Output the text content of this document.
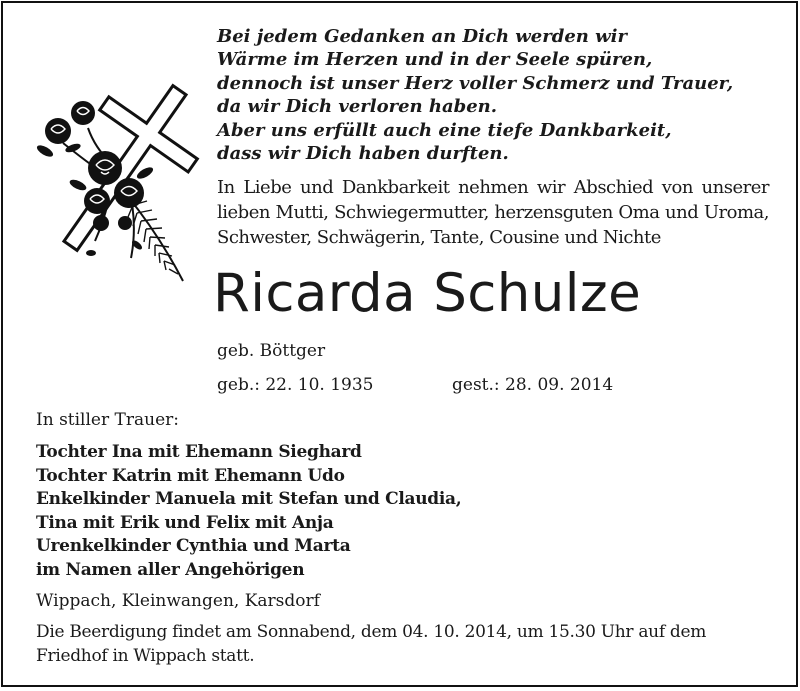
Bei jedem Gedanken an Dich werden wir
Wärme im Herzen und in der Seele spüren,
dennoch ist unser Herz voller Schmerz und Trauer,
da wir Dich verloren haben.
Aber uns erfüllt auch eine tiefe Dankbarkeit,
dass wir Dich haben durften.

In Liebe und Dankbarkeit nehmen wir Abschied von unserer lieben Mutti, Schwiegermutter, herzensguten Oma und Uroma, Schwester, Schwägerin, Tante, Cousine und Nichte

Ricarda Schulze
geb. Böttger
geb.: 22. 10. 1935	gest.: 28. 09. 2014
In stiller Trauer:
Tochter Ina mit Ehemann Sieghard
Tochter Katrin mit Ehemann Udo
Enkelkinder Manuela mit Stefan und Claudia,
Tina mit Erik und Felix mit Anja
Urenkelkinder Cynthia und Marta
im Namen aller Angehörigen
Wippach, Kleinwangen, Karsdorf

Die Beerdigung findet am Sonnabend, dem 04. 10. 2014, um 15.30 Uhr auf dem Friedhof in Wippach statt.
